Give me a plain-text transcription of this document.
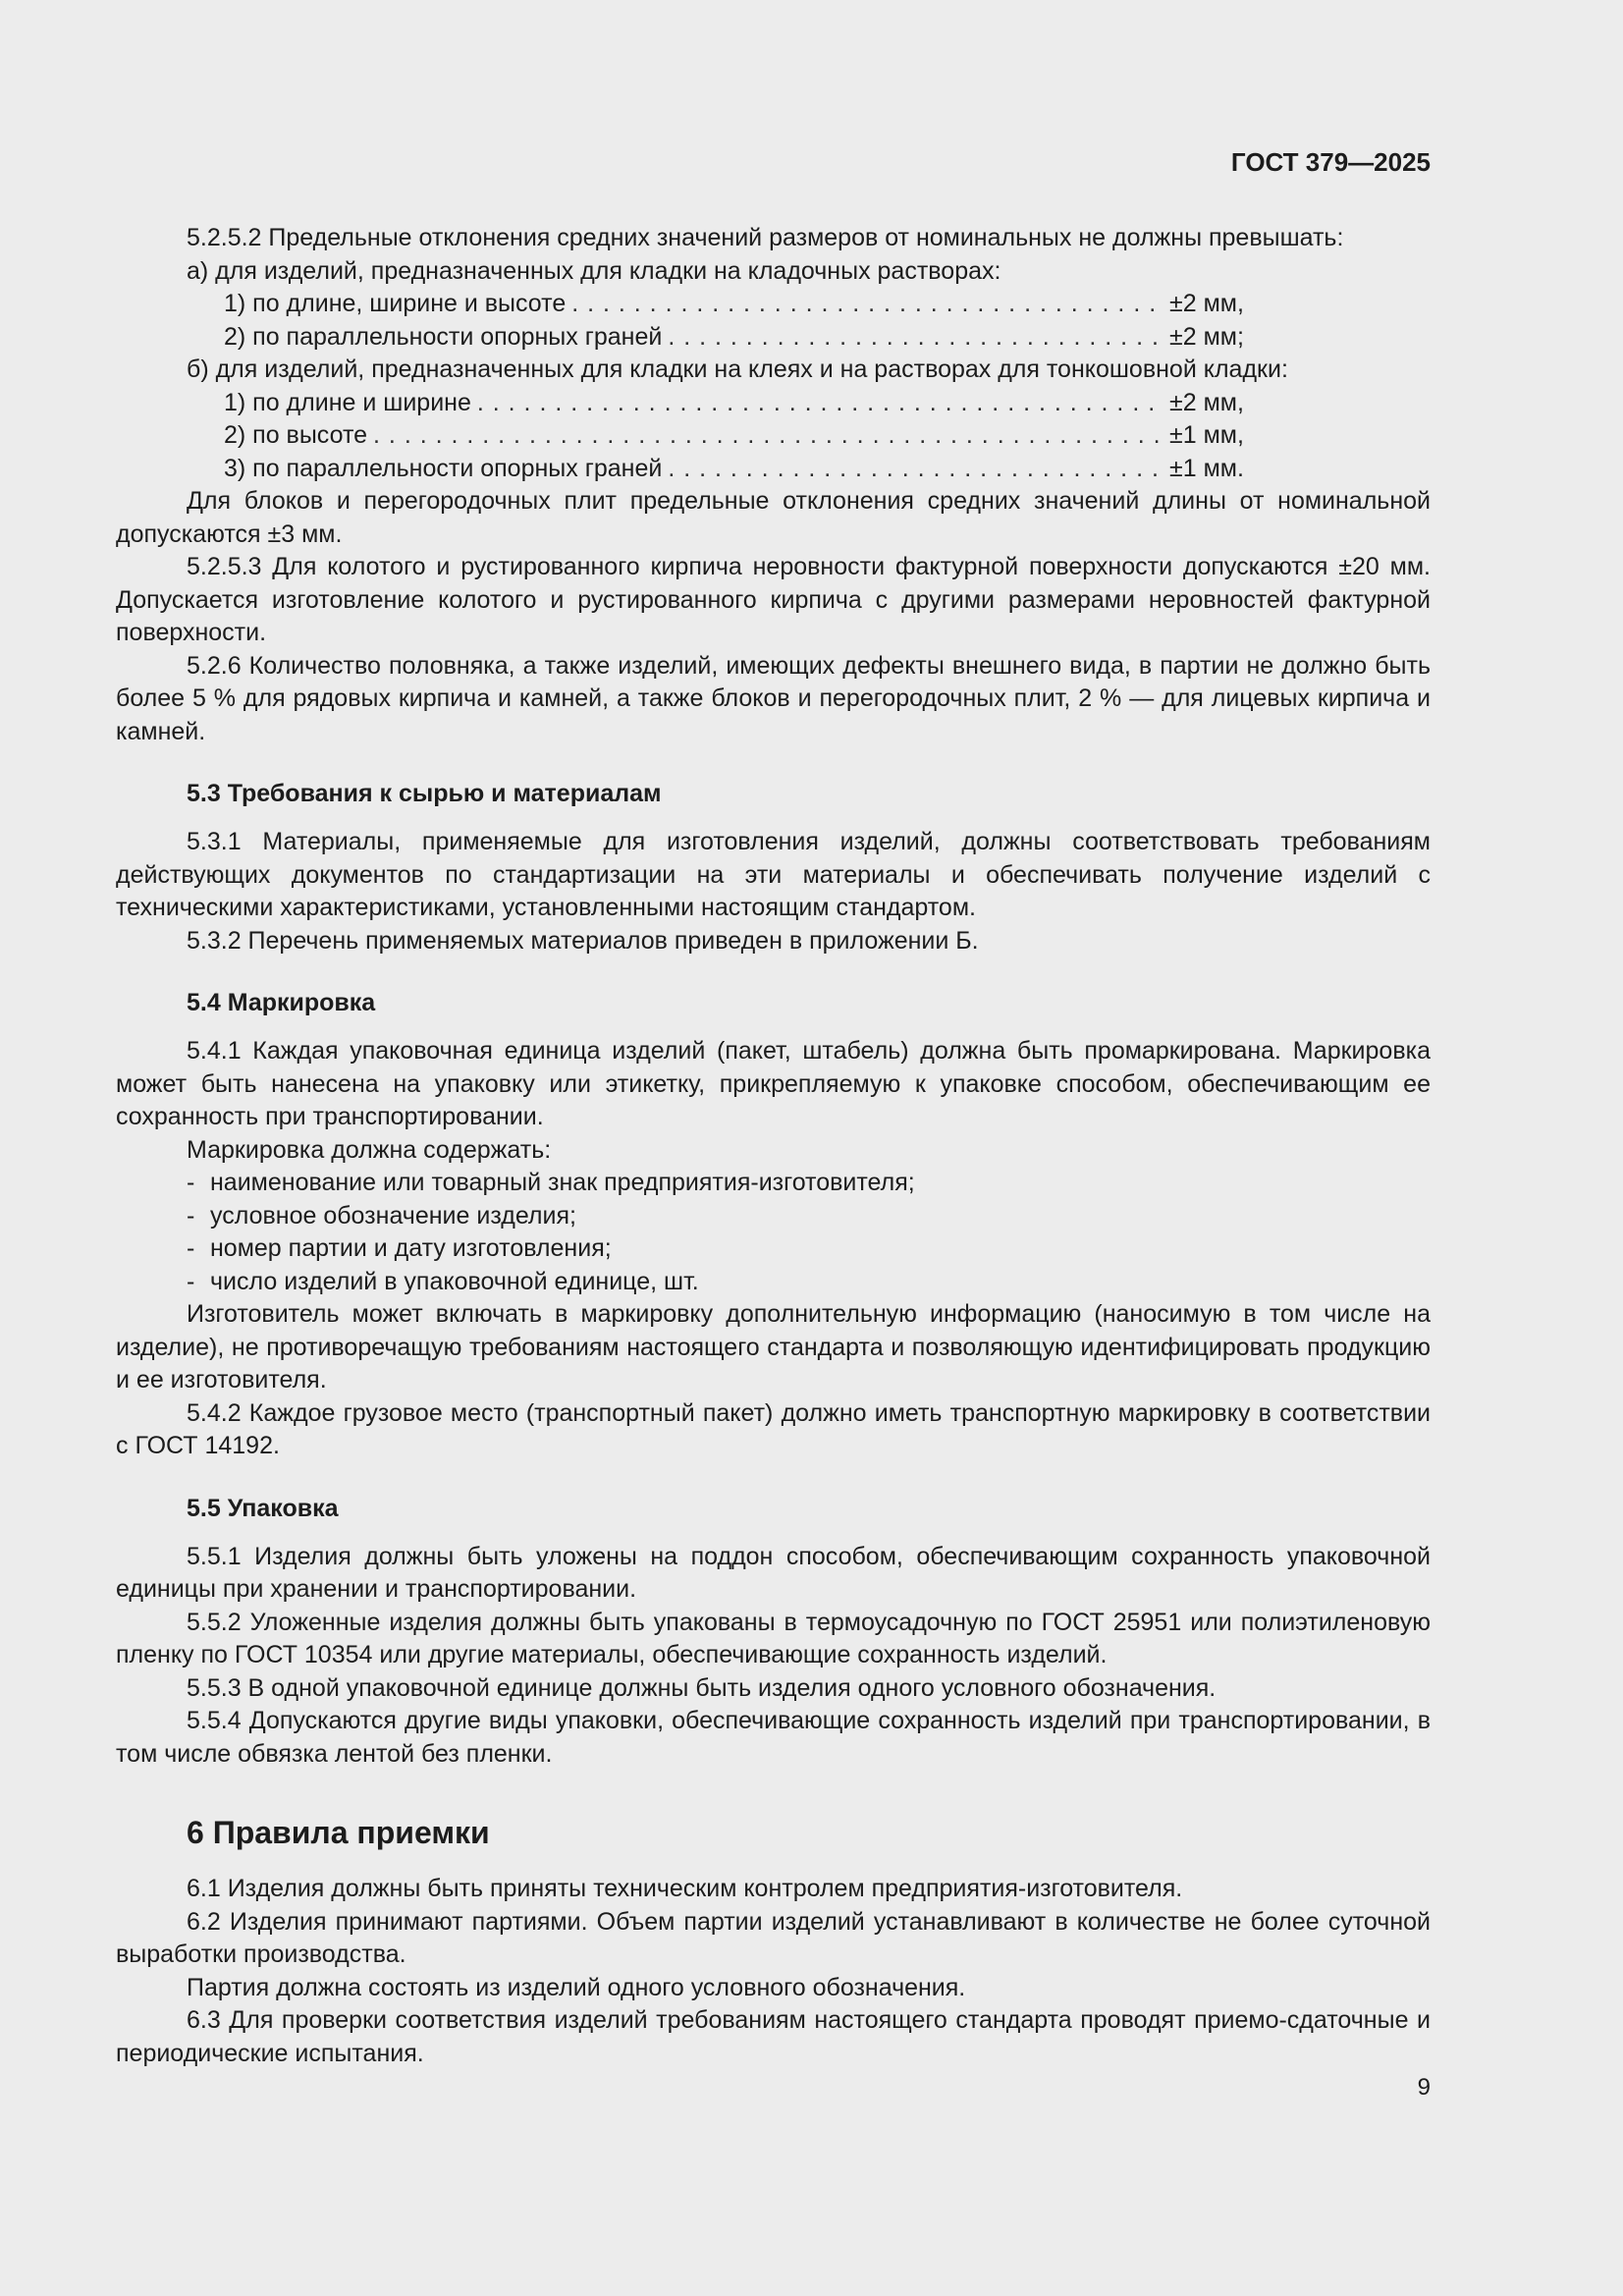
ГОСТ 379—2025

5.2.5.2 Предельные отклонения средних значений размеров от номинальных не должны превышать:

а) для изделий, предназначенных для кладки на кладочных растворах:

1) по длине, ширине и высоте . . .	±2 мм,
2) по параллельности опорных граней . . .	±2 мм;

б) для изделий, предназначенных для кладки на клеях и на растворах для тонкошовной кладки:

1) по длине и ширине . . .	±2 мм,
2) по высоте . . .	±1 мм,
3) по параллельности опорных граней . . .	±1 мм.

Для блоков и перегородочных плит предельные отклонения средних значений длины от номинальной допускаются ±3 мм.

5.2.5.3 Для колотого и рустированного кирпича неровности фактурной поверхности допускаются ±20 мм. Допускается изготовление колотого и рустированного кирпича с другими размерами неровностей фактурной поверхности.

5.2.6 Количество половняка, а также изделий, имеющих дефекты внешнего вида, в партии не должно быть более 5 % для рядовых кирпича и камней, а также блоков и перегородочных плит, 2 % — для лицевых кирпича и камней.

5.3 Требования к сырью и материалам

5.3.1 Материалы, применяемые для изготовления изделий, должны соответствовать требованиям действующих документов по стандартизации на эти материалы и обеспечивать получение изделий с техническими характеристиками, установленными настоящим стандартом.

5.3.2 Перечень применяемых материалов приведен в приложении Б.

5.4 Маркировка

5.4.1 Каждая упаковочная единица изделий (пакет, штабель) должна быть промаркирована. Маркировка может быть нанесена на упаковку или этикетку, прикрепляемую к упаковке способом, обеспечивающим ее сохранность при транспортировании.

Маркировка должна содержать:

- наименование или товарный знак предприятия-изготовителя;
- условное обозначение изделия;
- номер партии и дату изготовления;
- число изделий в упаковочной единице, шт.

Изготовитель может включать в маркировку дополнительную информацию (наносимую в том числе на изделие), не противоречащую требованиям настоящего стандарта и позволяющую идентифицировать продукцию и ее изготовителя.

5.4.2 Каждое грузовое место (транспортный пакет) должно иметь транспортную маркировку в соответствии с ГОСТ 14192.

5.5 Упаковка

5.5.1 Изделия должны быть уложены на поддон способом, обеспечивающим сохранность упаковочной единицы при хранении и транспортировании.

5.5.2 Уложенные изделия должны быть упакованы в термоусадочную по ГОСТ 25951 или полиэтиленовую пленку по ГОСТ 10354 или другие материалы, обеспечивающие сохранность изделий.

5.5.3 В одной упаковочной единице должны быть изделия одного условного обозначения.

5.5.4 Допускаются другие виды упаковки, обеспечивающие сохранность изделий при транспортировании, в том числе обвязка лентой без пленки.

6 Правила приемки

6.1 Изделия должны быть приняты техническим контролем предприятия-изготовителя.

6.2 Изделия принимают партиями. Объем партии изделий устанавливают в количестве не более суточной выработки производства.

Партия должна состоять из изделий одного условного обозначения.

6.3 Для проверки соответствия изделий требованиям настоящего стандарта проводят приемо-сдаточные и периодические испытания.

9
